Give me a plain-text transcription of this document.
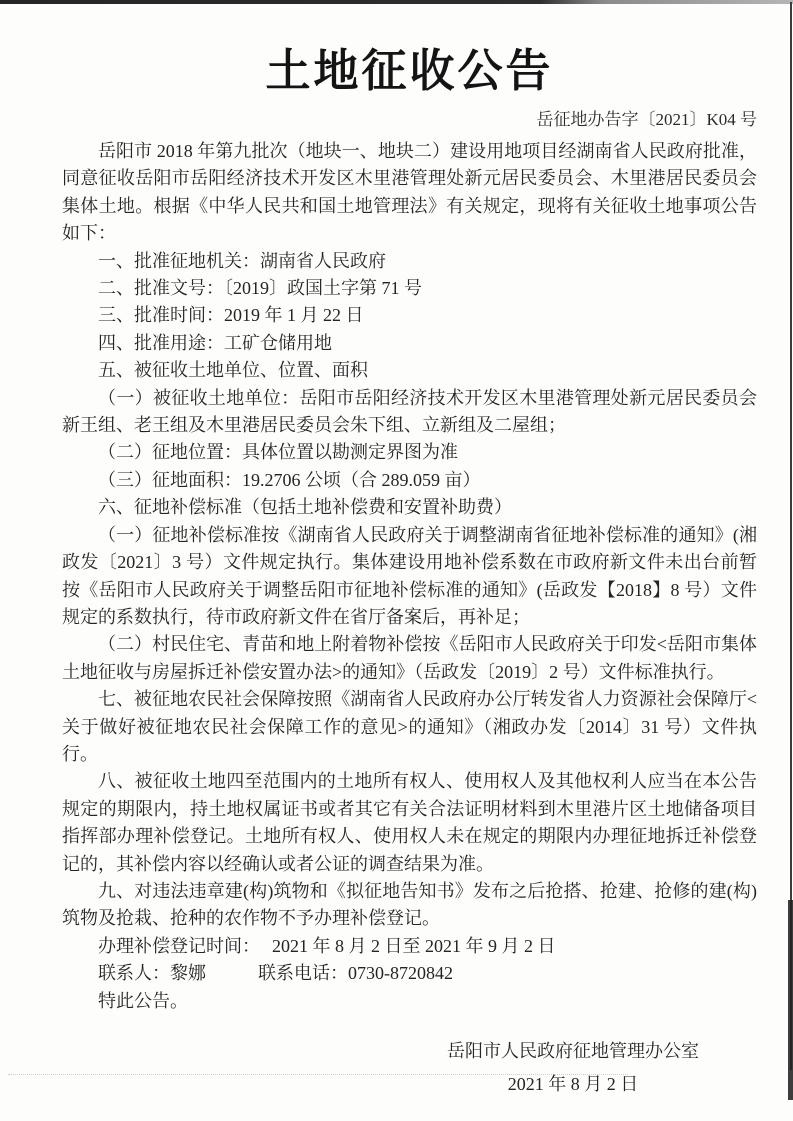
土地征收公告

岳征地办告字〔2021〕K04 号

岳阳市 2018 年第九批次（地块一、地块二）建设用地项目经湖南省人民政府批准，同意征收岳阳市岳阳经济技术开发区木里港管理处新元居民委员会、木里港居民委员会集体土地。根据《中华人民共和国土地管理法》有关规定，现将有关征收土地事项公告如下：

一、批准征地机关：湖南省人民政府

二、批准文号：〔2019〕政国土字第 71 号

三、批准时间：2019 年 1 月 22 日

四、批准用途：工矿仓储用地

五、被征收土地单位、位置、面积

（一）被征收土地单位：岳阳市岳阳经济技术开发区木里港管理处新元居民委员会新王组、老王组及木里港居民委员会朱下组、立新组及二屋组；

（二）征地位置：具体位置以勘测定界图为准

（三）征地面积：19.2706 公顷（合 289.059 亩）

六、征地补偿标准（包括土地补偿费和安置补助费）

（一）征地补偿标准按《湖南省人民政府关于调整湖南省征地补偿标准的通知》(湘政发〔2021〕3 号）文件规定执行。集体建设用地补偿系数在市政府新文件未出台前暂按《岳阳市人民政府关于调整岳阳市征地补偿标准的通知》(岳政发【2018】8 号）文件规定的系数执行，待市政府新文件在省厅备案后，再补足；

（二）村民住宅、青苗和地上附着物补偿按《岳阳市人民政府关于印发<岳阳市集体土地征收与房屋拆迁补偿安置办法>的通知》（岳政发〔2019〕2 号）文件标准执行。

七、被征地农民社会保障按照《湖南省人民政府办公厅转发省人力资源社会保障厅<关于做好被征地农民社会保障工作的意见>的通知》（湘政办发〔2014〕31 号）文件执行。

八、被征收土地四至范围内的土地所有权人、使用权人及其他权利人应当在本公告规定的期限内，持土地权属证书或者其它有关合法证明材料到木里港片区土地储备项目指挥部办理补偿登记。土地所有权人、使用权人未在规定的期限内办理征地拆迁补偿登记的，其补偿内容以经确认或者公证的调查结果为准。

九、对违法违章建(构)筑物和《拟征地告知书》发布之后抢搭、抢建、抢修的建(构)筑物及抢栽、抢种的农作物不予办理补偿登记。

办理补偿登记时间： 2021 年 8 月 2 日至 2021 年 9 月 2 日

联系人：黎娜	联系电话：0730-8720842

特此公告。

岳阳市人民政府征地管理办公室
2021 年 8 月 2 日
